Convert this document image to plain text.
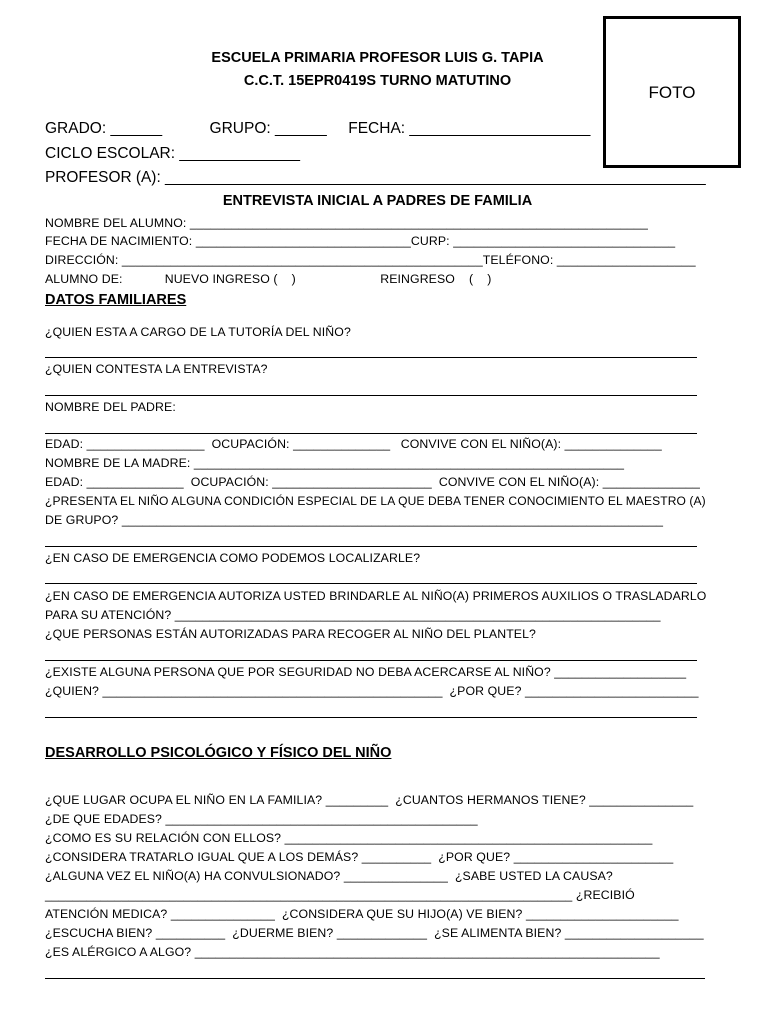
ESCUELA PRIMARIA PROFESOR LUIS G. TAPIA
C.C.T. 15EPR0419S TURNO MATUTINO
FOTO
GRADO: ______           GRUPO: ______     FECHA: _____________________
CICLO ESCOLAR: ______________
PROFESOR (A): _______________________________________________________________
ENTREVISTA INICIAL A PADRES DE FAMILIA
NOMBRE DEL ALUMNO: __________________________________________________________________
FECHA DE NACIMIENTO: _______________________________CURP: ________________________________
DIRECCIÓN: ____________________________________________________TELÉFONO: ____________________
ALUMNO DE:            NUEVO INGRESO (    )                        REINGRESO    (    )
DATOS FAMILIARES
¿QUIEN ESTA A CARGO DE LA TUTORÍA DEL NIÑO?
¿QUIEN CONTESTA LA ENTREVISTA?
NOMBRE DEL PADRE:
EDAD: _________________  OCUPACIÓN: ______________   CONVIVE CON EL NIÑO(A): ______________
NOMBRE DE LA MADRE: ______________________________________________________________
EDAD: ______________  OCUPACIÓN: _______________________  CONVIVE CON EL NIÑO(A): ______________
¿PRESENTA EL NIÑO ALGUNA CONDICIÓN ESPECIAL DE LA QUE DEBA TENER CONOCIMIENTO EL MAESTRO (A)
DE GRUPO? ______________________________________________________________________________
¿EN CASO DE EMERGENCIA COMO PODEMOS LOCALIZARLE?
¿EN CASO DE EMERGENCIA AUTORIZA USTED BRINDARLE AL NIÑO(A) PRIMEROS AUXILIOS O TRASLADARLO
PARA SU ATENCIÓN? ______________________________________________________________________
¿QUE PERSONAS ESTÁN AUTORIZADAS PARA RECOGER AL NIÑO DEL PLANTEL?
¿EXISTE ALGUNA PERSONA QUE POR SEGURIDAD NO DEBA ACERCARSE AL NIÑO? ___________________
¿QUIEN? _________________________________________________  ¿POR QUE? _________________________
DESARROLLO PSICOLÓGICO Y FÍSICO DEL NIÑO
¿QUE LUGAR OCUPA EL NIÑO EN LA FAMILIA? _________  ¿CUANTOS HERMANOS TIENE? _______________
¿DE QUE EDADES? _____________________________________________
¿COMO ES SU RELACIÓN CON ELLOS? _____________________________________________________
¿CONSIDERA TRATARLO IGUAL QUE A LOS DEMÁS? __________  ¿POR QUE? _______________________
¿ALGUNA VEZ EL NIÑO(A) HA CONVULSIONADO? _______________  ¿SABE USTED LA CAUSA?
____________________________________________________________________________ ¿RECIBIÓ
ATENCIÓN MEDICA? _______________  ¿CONSIDERA QUE SU HIJO(A) VE BIEN? ______________________
¿ESCUCHA BIEN? __________  ¿DUERME BIEN? _____________  ¿SE ALIMENTA BIEN? ____________________
¿ES ALÉRGICO A ALGO? ___________________________________________________________________
